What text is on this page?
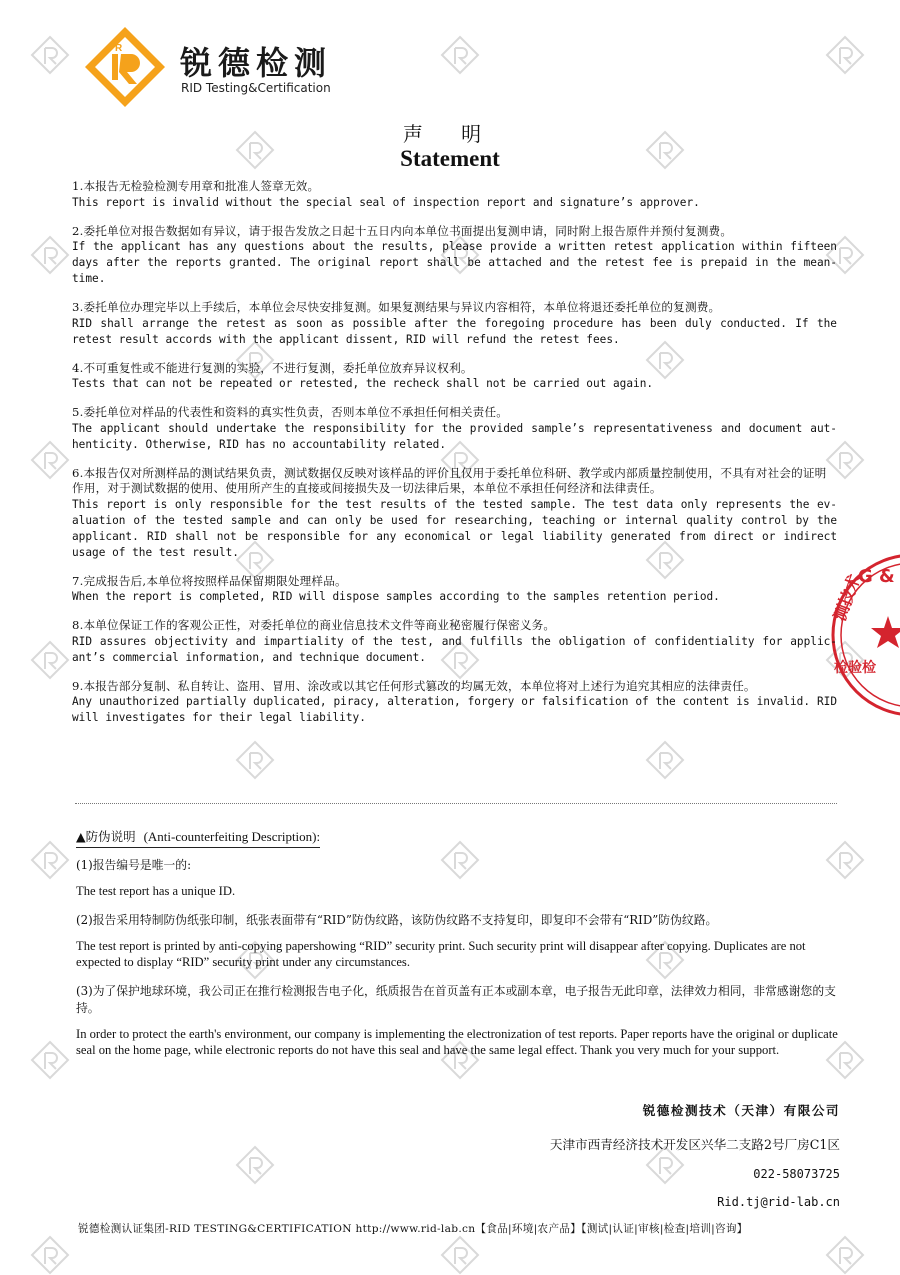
R 锐德检测
RID Testing&Certification
声 明
Statement
1.本报告无检验检测专用章和批准人签章无效。
This report is invalid without the special seal of inspection report and signature’s approver.
2.委托单位对报告数据如有异议，请于报告发放之日起十五日内向本单位书面提出复测申请，同时附上报告原件并预付复测费。
If the applicant has any questions about the results, please provide a written retest application within fifteen days after the reports granted. The original report shall be attached and the retest fee is prepaid in the mean-time.
3.委托单位办理完毕以上手续后，本单位会尽快安排复测。如果复测结果与异议内容相符，本单位将退还委托单位的复测费。
RID shall arrange the retest as soon as possible after the foregoing procedure has been duly conducted. If the retest result accords with the applicant dissent, RID will refund the retest fees.
4.不可重复性或不能进行复测的实验，不进行复测，委托单位放弃异议权利。
Tests that can not be repeated or retested, the recheck shall not be carried out again.
5.委托单位对样品的代表性和资料的真实性负责，否则本单位不承担任何相关责任。
The applicant should undertake the responsibility for the provided sample’s representativeness and document aut-henticity. Otherwise, RID has no accountability related.
6.本报告仅对所测样品的测试结果负责，测试数据仅反映对该样品的评价且仅用于委托单位科研、教学或内部质量控制使用，不具有对社会的证明作用，对于测试数据的使用、使用所产生的直接或间接损失及一切法律后果，本单位不承担任何经济和法律责任。
This report is only responsible for the test results of the tested sample. The test data only represents the ev-aluation of the tested sample and can only be used for researching, teaching or internal quality control by the applicant. RID shall not be responsible for any economical or legal liability generated from direct or indirect usage of the test result.
7.完成报告后,本单位将按照样品保留期限处理样品。
When the report is completed, RID will dispose samples according to the samples retention period.
8.本单位保证工作的客观公正性，对委托单位的商业信息技术文件等商业秘密履行保密义务。
RID assures objectivity and impartiality of the test, and fulfills the obligation of confidentiality for applic-ant’s commercial information, and technique document.
9.本报告部分复制、私自转让、盗用、冒用、涂改或以其它任何形式篡改的均属无效，本单位将对上述行为追究其相应的法律责任。
Any unauthorized partially duplicated, piracy, alteration, forgery or falsification of the content is invalid. RID will investigates for their legal liability.
▲防伪说明 (Anti-counterfeiting Description):
(1)报告编号是唯一的:
The test report has a unique ID.
(2)报告采用特制防伪纸张印制，纸张表面带有“RID”防伪纹路，该防伪纹路不支持复印，即复印不会带有“RID”防伪纹路。
The test report is printed by anti-copying papershowing “RID” security print. Such security print will disappear after copying. Duplicates are not expected to display “RID” security print under any circumstances.
(3)为了保护地球环境，我公司正在推行检测报告电子化，纸质报告在首页盖有正本或副本章，电子报告无此印章，法律效力相同，非常感谢您的支持。
In order to protect the earth's environment, our company is implementing the electronization of test reports. Paper reports have the original or duplicate seal on the home page, while electronic reports do not have this seal and have the same legal effect. Thank you very much for your support.
锐德检测技术（天津）有限公司
天津市西青经济技术开发区兴华二支路2号厂房C1区
022-58073725
Rid.tj@rid-lab.cn
锐德检测认证集团-RID TESTING&CERTIFICATION http://www.rid-lab.cn【食品|环境|农产品】【测试|认证|审核|检查|培训|咨询】
G &
测技术
检验检
